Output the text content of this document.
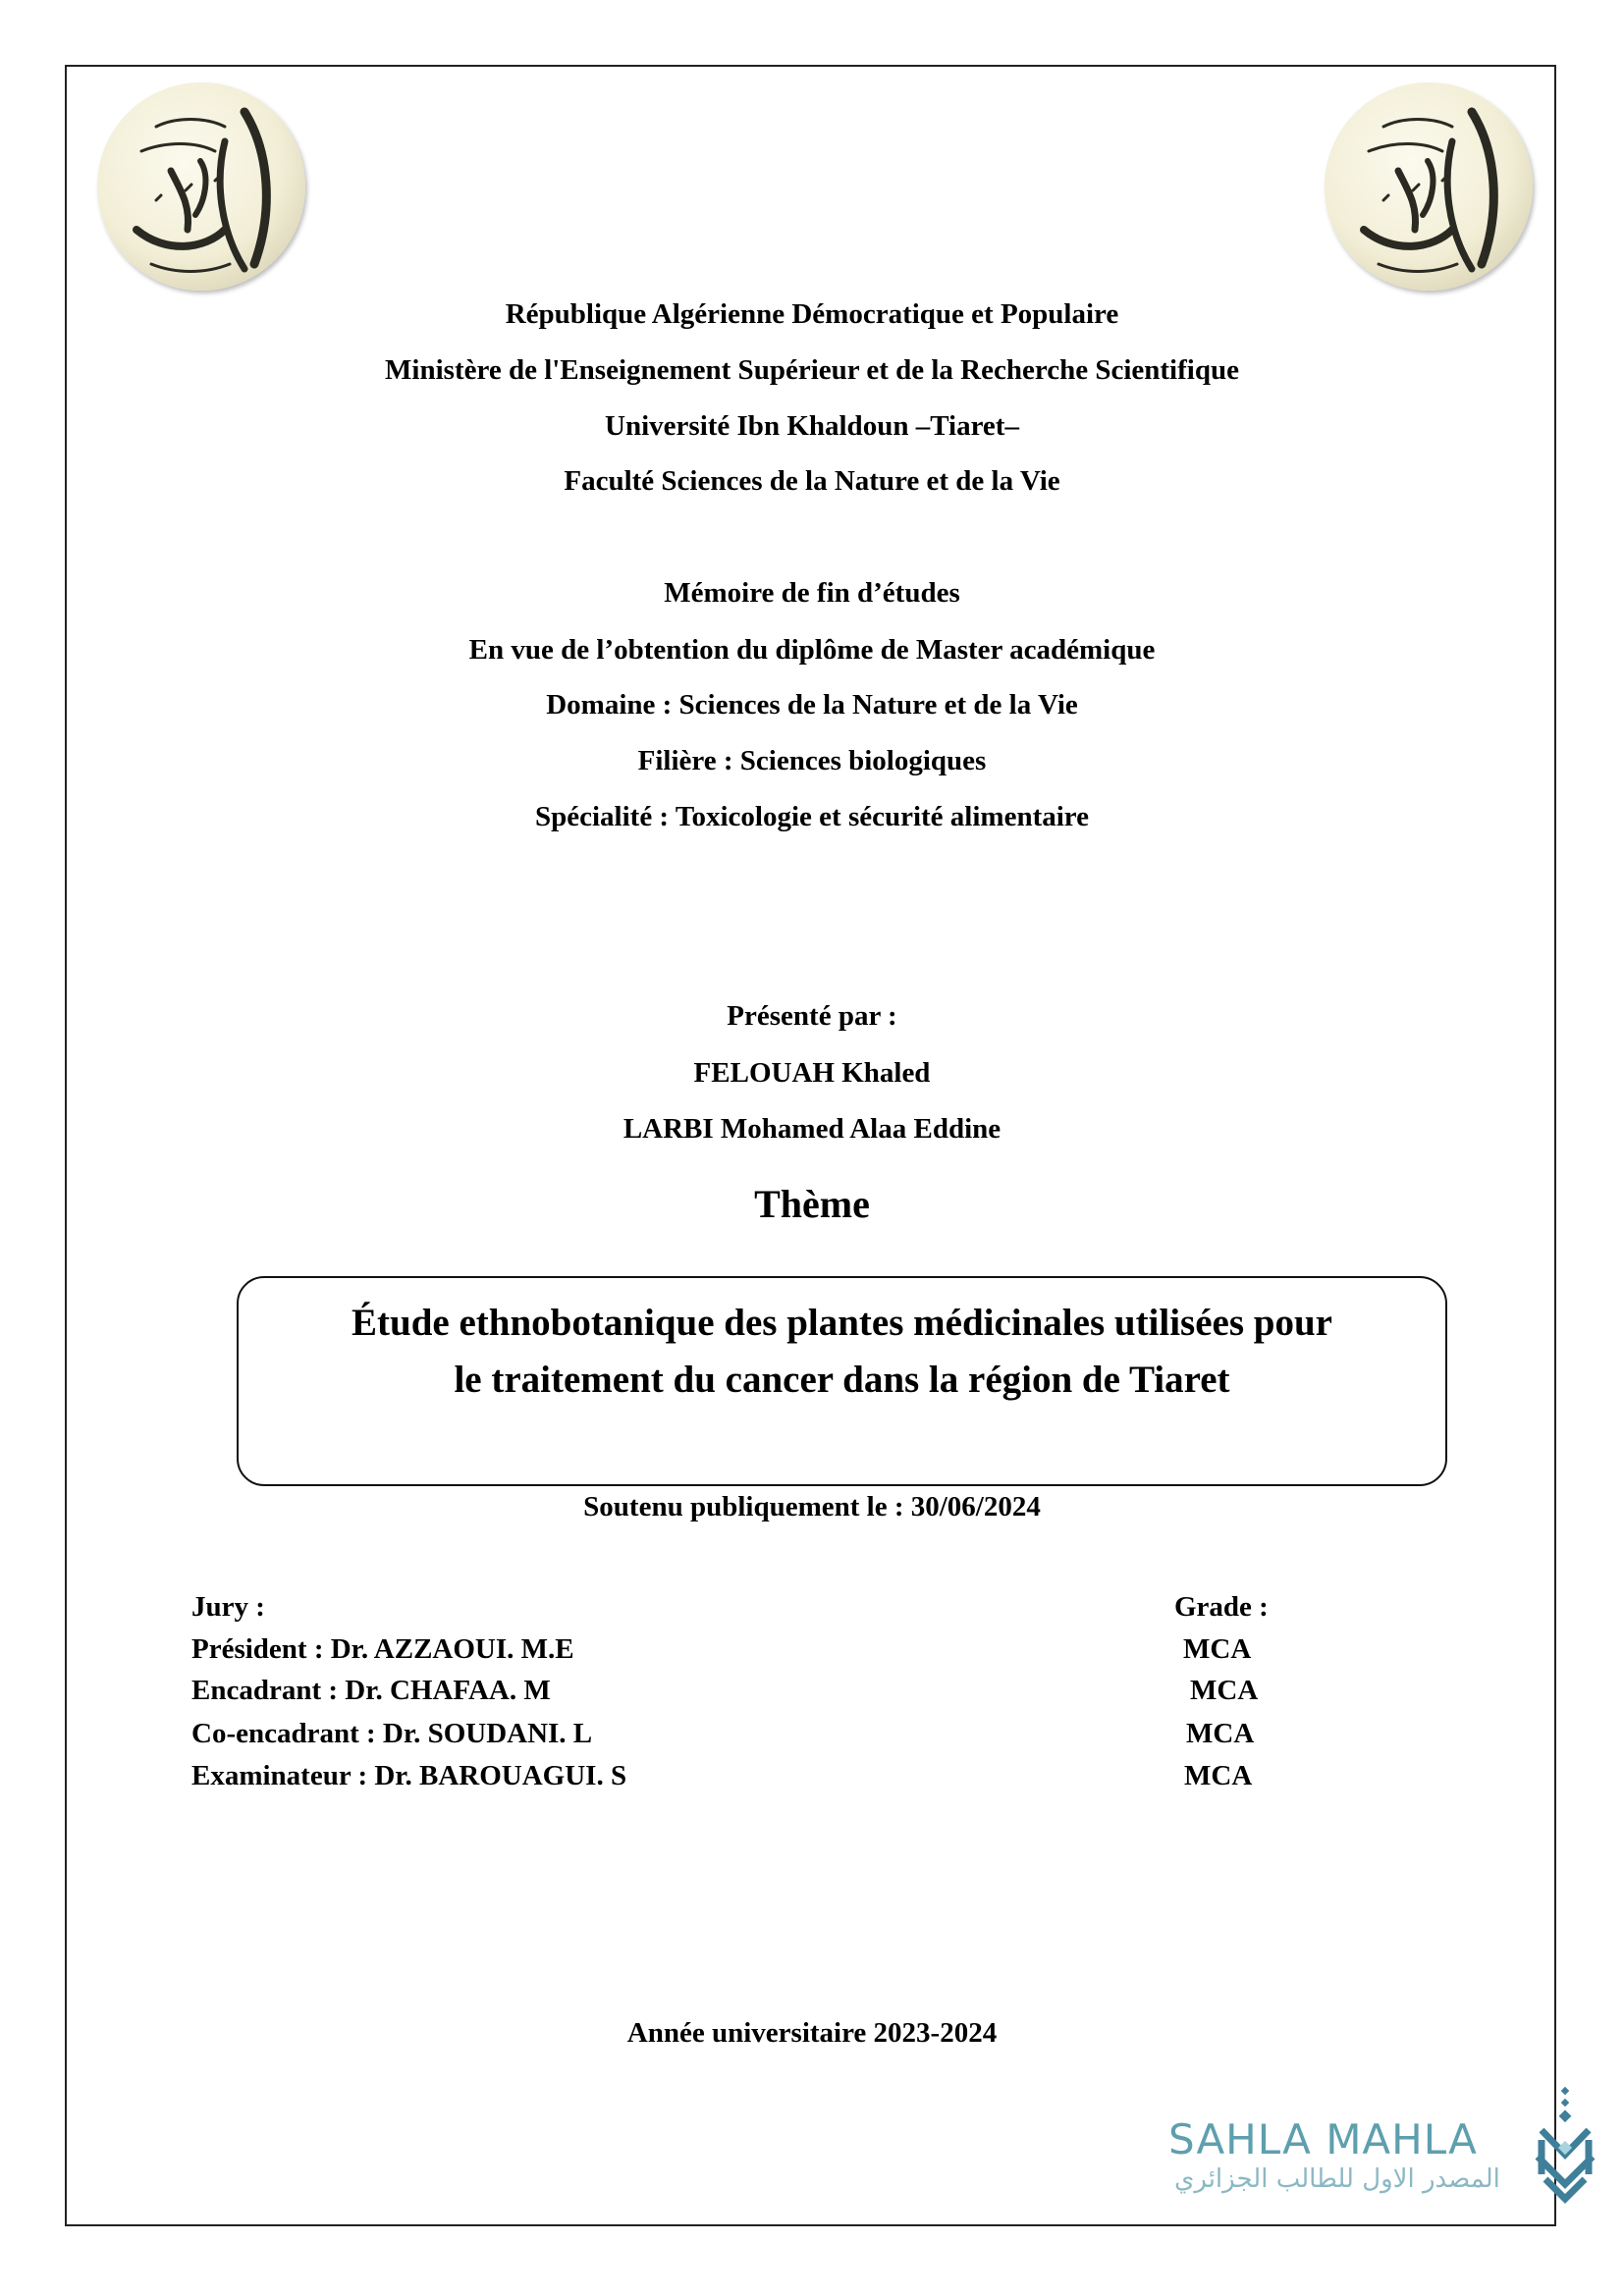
République Algérienne Démocratique et Populaire
Ministère de l'Enseignement Supérieur et de la Recherche Scientifique
Université Ibn Khaldoun –Tiaret–
Faculté Sciences de la Nature et de la Vie
Mémoire de fin d’études
En vue de l’obtention du diplôme de Master académique
Domaine : Sciences de la Nature et de la Vie
Filière : Sciences biologiques
Spécialité : Toxicologie et sécurité alimentaire
Présenté par :
FELOUAH Khaled
LARBI Mohamed Alaa Eddine
Thème
Étude ethnobotanique des plantes médicinales utilisées pour
le traitement du cancer dans la région de Tiaret
Soutenu publiquement le : 30/06/2024
Jury :	Grade :
Président : Dr. AZZAOUI. M.E	MCA
Encadrant : Dr. CHAFAA. M	MCA
Co-encadrant : Dr. SOUDANI. L	MCA
Examinateur : Dr. BAROUAGUI. S	MCA
Année universitaire 2023-2024
SAHLA MAHLA
المصدر الاول للطالب الجزائري
